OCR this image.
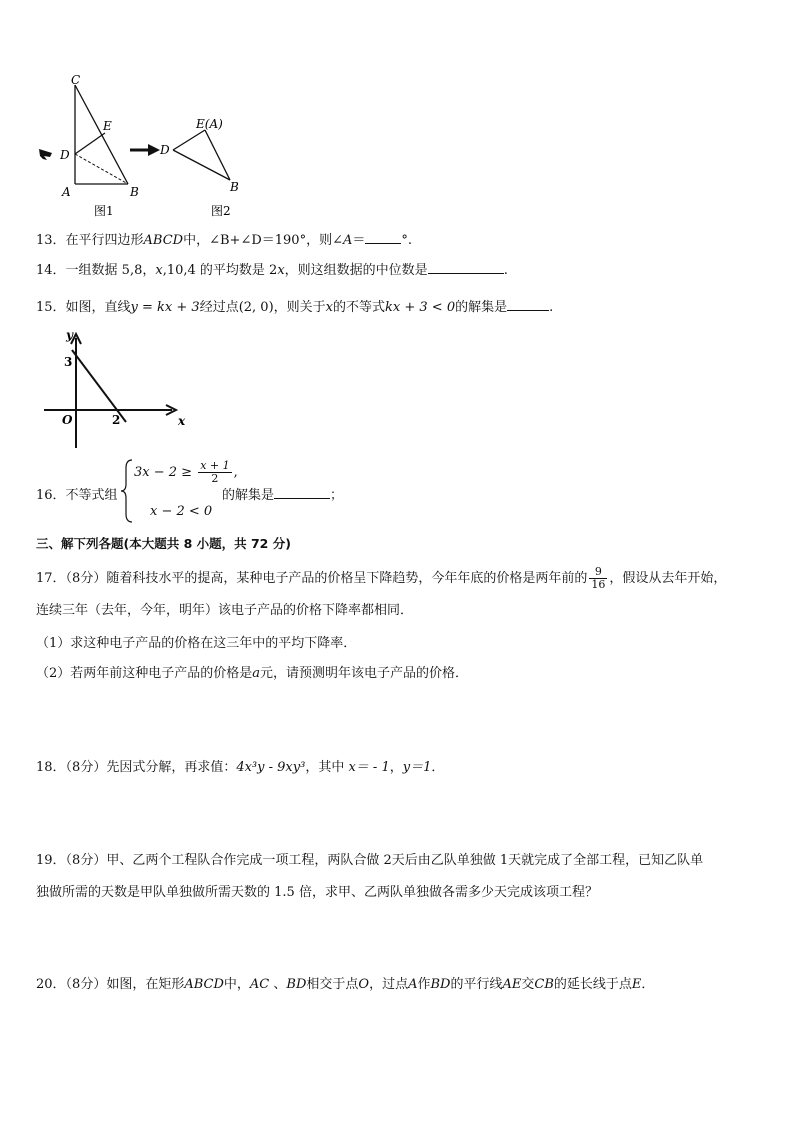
C
E
D
A	B
图1
D
E(A)
B
图2
13．在平行四边形ABCD中，∠B+∠D＝190°，则∠A＝	°.
14．一组数据 5,8，x,10,4 的平均数是 2x，则这组数据的中位数是	.
15．如图，直线y = kx + 3经过点(2, 0)，则关于x的不等式kx + 3 < 0的解集是	.
y
x
O
3
2
16．不等式组
$3x - 2 \ge \frac{x + 1}{2}$ ,
x − 2 < 0
的解集是	；
三、解下列各题(本大题共 8 小题，共 72 分)
17．（8分）随着科技水平的提高，某种电子产品的价格呈下降趋势，今年年底的价格是两年前的 $\frac{9}{16}$ ，假设从去年开始，
连续三年（去年，今年，明年）该电子产品的价格下降率都相同．
（1）求这种电子产品的价格在这三年中的平均下降率．
（2）若两年前这种电子产品的价格是a元，请预测明年该电子产品的价格．
18．（8分）先因式分解，再求值：4x³y - 9xy³，其中 x＝ - 1，y＝1．
19．（8分）甲、乙两个工程队合作完成一项工程，两队合做 2天后由乙队单独做 1天就完成了全部工程，已知乙队单
独做所需的天数是甲队单独做所需天数的 1.5 倍，求甲、乙两队单独做各需多少天完成该项工程？
20．（8分）如图，在矩形ABCD中，AC 、BD相交于点O，过点A作BD的平行线AE交CB的延长线于点E．
